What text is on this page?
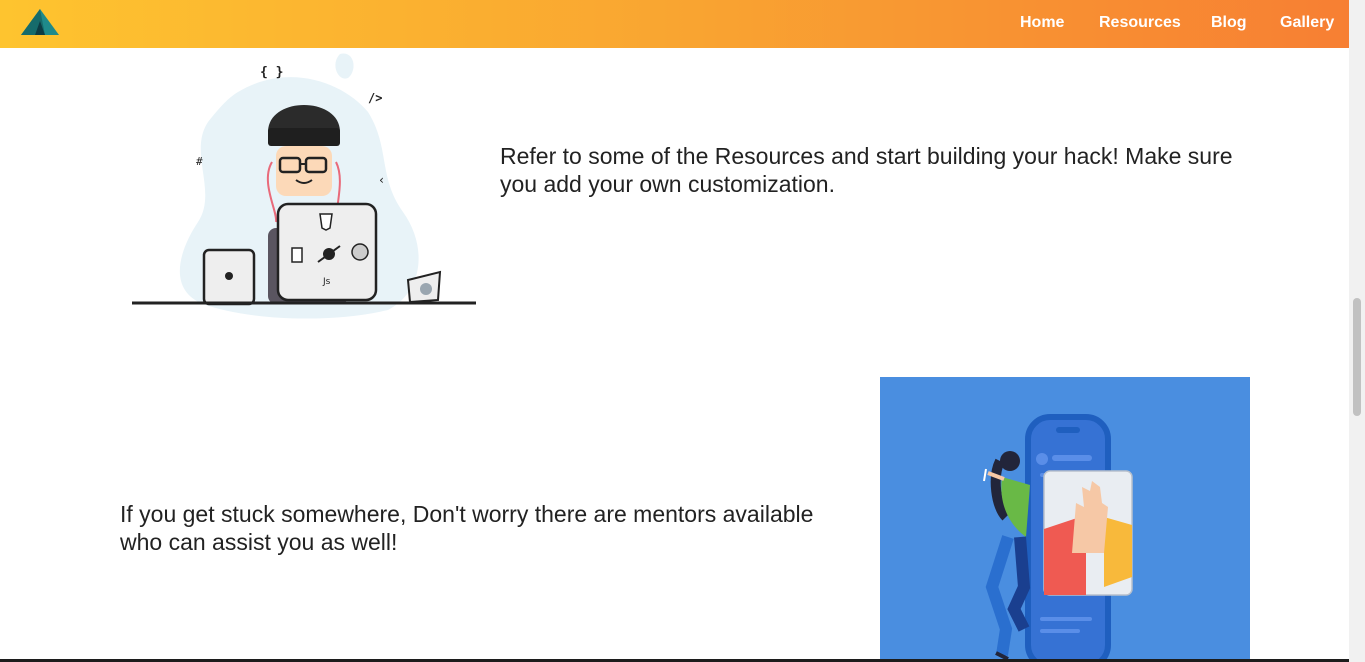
Home Resources Blog Gallery
{ }
/>
#
‹
Js

Refer to some of the Resources and start building your hack! Make sure you add your own customization.

If you get stuck somewhere, Don't worry there are mentors available who can assist you as well!
